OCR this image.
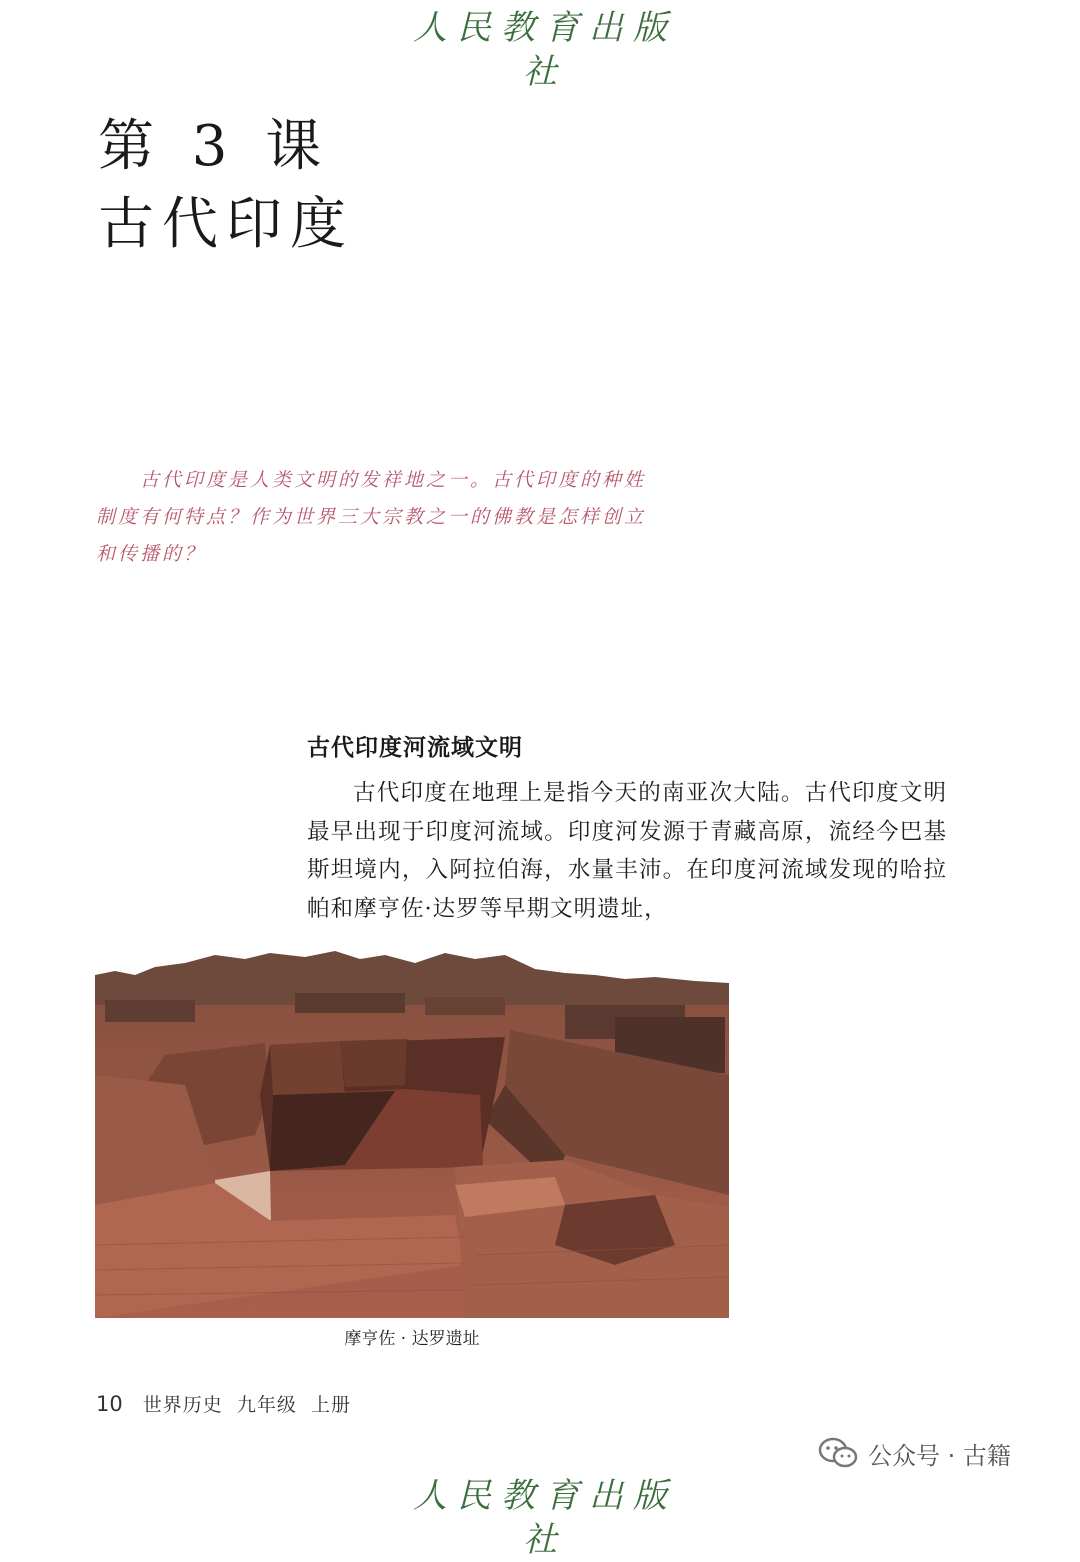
人民教育出版社
第 3 课
古代印度

古代印度是人类文明的发祥地之一。古代印度的种姓制度有何特点？作为世界三大宗教之一的佛教是怎样创立和传播的？

古代印度河流域文明

古代印度在地理上是指今天的南亚次大陆。古代印度文明最早出现于印度河流域。印度河发源于青藏高原，流经今巴基斯坦境内，入阿拉伯海，水量丰沛。在印度河流域发现的哈拉帕和摩亨佐·达罗等早期文明遗址，

摩亨佐 · 达罗遗址
10 世界历史  九年级  上册
人民教育出版社
公众号 · 古籍
